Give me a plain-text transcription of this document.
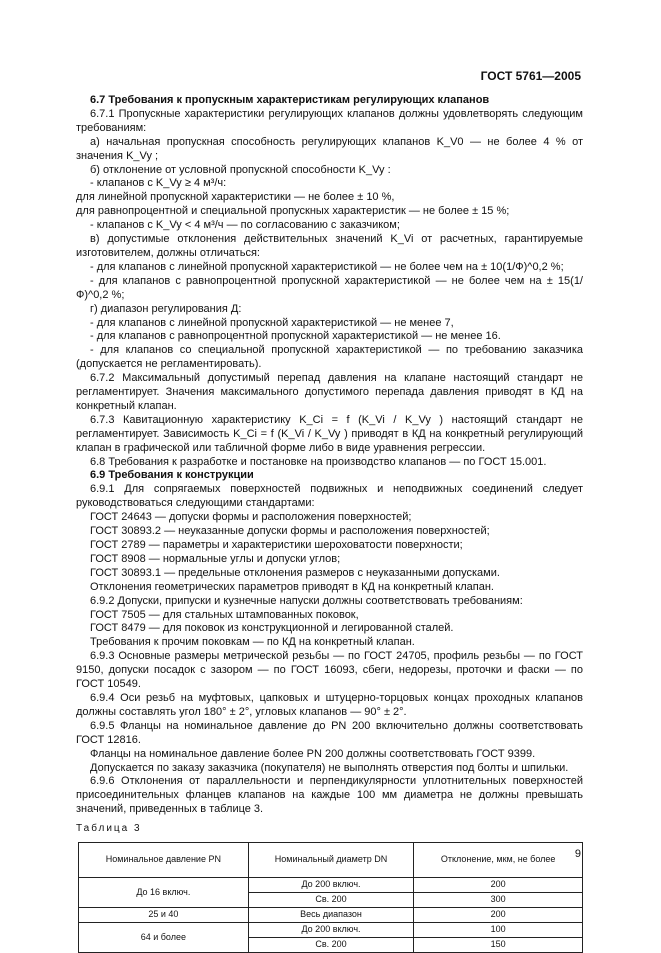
ГОСТ 5761—2005
6.7 Требования к пропускным характеристикам регулирующих клапанов
6.7.1 Пропускные характеристики регулирующих клапанов должны удовлетворять следующим требованиям:
а) начальная пропускная способность регулирующих клапанов K_V0 — не более 4 % от значения K_Vy ;
б) отклонение от условной пропускной способности K_Vy :
- клапанов с K_Vy ≥ 4 м³/ч:
для линейной пропускной характеристики — не более ± 10 %,
для равнопроцентной и специальной пропускных характеристик — не более ± 15 %;
- клапанов с K_Vy < 4 м³/ч — по согласованию с заказчиком;
в) допустимые отклонения действительных значений K_Vi от расчетных, гарантируемые изготовителем, должны отличаться:
- для клапанов с линейной пропускной характеристикой — не более чем на ± 10(1/Ф)^0,2 %;
- для клапанов с равнопроцентной пропускной характеристикой — не более чем на ± 15(1/Ф)^0,2 %;
г) диапазон регулирования Д:
- для клапанов с линейной пропускной характеристикой — не менее 7,
- для клапанов с равнопроцентной пропускной характеристикой — не менее 16.
- для клапанов со специальной пропускной характеристикой — по требованию заказчика (допускается не регламентировать).
6.7.2 Максимальный допустимый перепад давления на клапане настоящий стандарт не регламентирует. Значения максимального допустимого перепада давления приводят в КД на конкретный клапан.
6.7.3 Кавитационную характеристику K_Ci = f (K_Vi / K_Vy ) настоящий стандарт не регламентирует. Зависимость K_Ci = f (K_Vi / K_Vy ) приводят в КД на конкретный регулирующий клапан в графической или табличной форме либо в виде уравнения регрессии.
6.8 Требования к разработке и постановке на производство клапанов — по ГОСТ 15.001.
6.9 Требования к конструкции
6.9.1 Для сопрягаемых поверхностей подвижных и неподвижных соединений следует руководствоваться следующими стандартами:
ГОСТ 24643 — допуски формы и расположения поверхностей;
ГОСТ 30893.2 — неуказанные допуски формы и расположения поверхностей;
ГОСТ 2789 — параметры и характеристики шероховатости поверхности;
ГОСТ 8908 — нормальные углы и допуски углов;
ГОСТ 30893.1 — предельные отклонения размеров с неуказанными допусками.
Отклонения геометрических параметров приводят в КД на конкретный клапан.
6.9.2 Допуски, припуски и кузнечные напуски должны соответствовать требованиям:
ГОСТ 7505 — для стальных штампованных поковок,
ГОСТ 8479 — для поковок из конструкционной и легированной сталей.
Требования к прочим поковкам — по КД на конкретный клапан.
6.9.3 Основные размеры метрической резьбы — по ГОСТ 24705, профиль резьбы — по ГОСТ 9150, допуски посадок с зазором — по ГОСТ 16093, сбеги, недорезы, проточки и фаски — по ГОСТ 10549.
6.9.4 Оси резьб на муфтовых, цапковых и штуцерно-торцовых концах проходных клапанов должны составлять угол 180° ± 2°, угловых клапанов — 90° ± 2°.
6.9.5 Фланцы на номинальное давление до PN 200 включительно должны соответствовать ГОСТ 12816.
Фланцы на номинальное давление более PN 200 должны соответствовать ГОСТ 9399.
Допускается по заказу заказчика (покупателя) не выполнять отверстия под болты и шпильки.
6.9.6 Отклонения от параллельности и перпендикулярности уплотнительных поверхностей присоединительных фланцев клапанов на каждые 100 мм диаметра не должны превышать значений, приведенных в таблице 3.
Таблица 3
Номинальное давление PN	Номинальный диаметр DN	Отклонение, мкм, не более
До 16 включ.	До 200 включ.	200
	Св. 200	300
25 и 40	Весь диапазон	200
64 и более	До 200 включ.	100
	Св. 200	150
9
